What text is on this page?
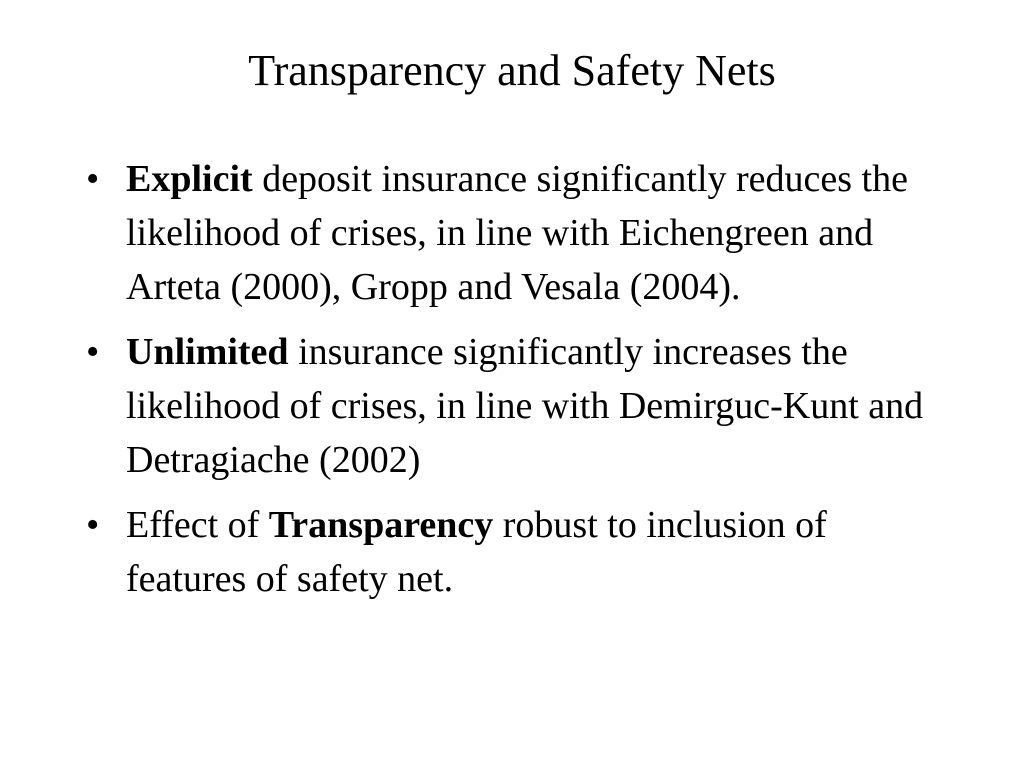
Transparency and Safety Nets
• Explicit deposit insurance significantly reduces the likelihood of crises, in line with Eichengreen and Arteta (2000), Gropp and Vesala (2004).
• Unlimited insurance significantly increases the likelihood of crises, in line with Demirguc-Kunt and Detragiache (2002)
• Effect of Transparency robust to inclusion of features of safety net.
